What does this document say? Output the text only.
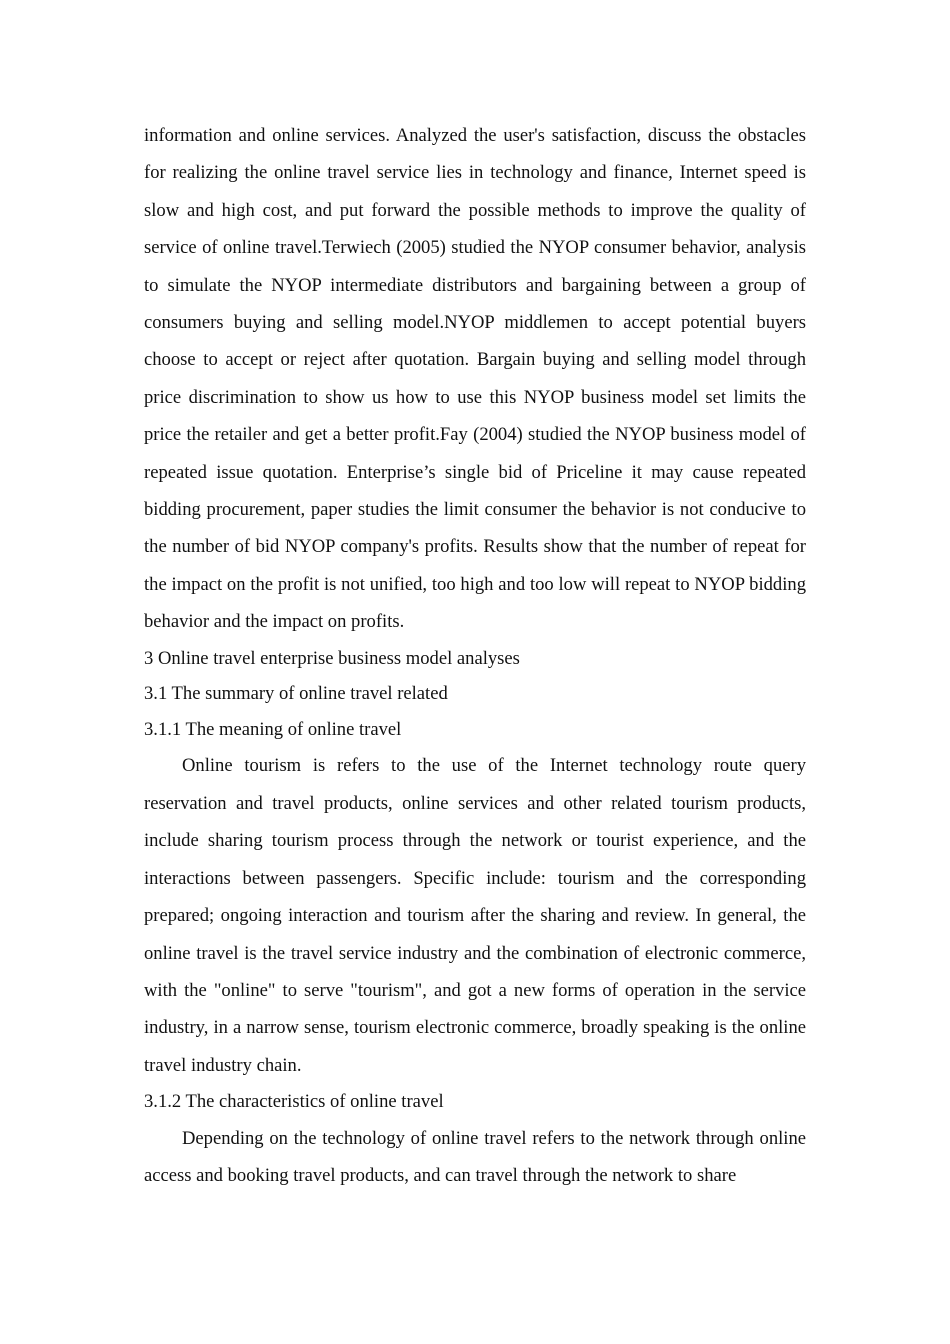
information and online services. Analyzed the user's satisfaction, discuss the obstacles for realizing the online travel service lies in technology and finance, Internet speed is slow and high cost, and put forward the possible methods to improve the quality of service of online travel.Terwiech (2005) studied the NYOP consumer behavior, analysis to simulate the NYOP intermediate distributors and bargaining between a group of consumers buying and selling model.NYOP middlemen to accept potential buyers choose to accept or reject after quotation. Bargain buying and selling model through price discrimination to show us how to use this NYOP business model set limits the price the retailer and get a better profit.Fay (2004) studied the NYOP business model of repeated issue quotation. Enterprise’s single bid of Priceline it may cause repeated bidding procurement, paper studies the limit consumer the behavior is not conducive to the number of bid NYOP company's profits. Results show that the number of repeat for the impact on the profit is not unified, too high and too low will repeat to NYOP bidding behavior and the impact on profits.

3 Online travel enterprise business model analyses
3.1 The summary of online travel related
3.1.1 The meaning of online travel

Online tourism is refers to the use of the Internet technology route query reservation and travel products, online services and other related tourism products, include sharing tourism process through the network or tourist experience, and the interactions between passengers. Specific include: tourism and the corresponding prepared; ongoing interaction and tourism after the sharing and review. In general, the online travel is the travel service industry and the combination of electronic commerce, with the "online" to serve "tourism", and got a new forms of operation in the service industry, in a narrow sense, tourism electronic commerce, broadly speaking is the online travel industry chain.

3.1.2 The characteristics of online travel

Depending on the technology of online travel refers to the network through online access and booking travel products, and can travel through the network to share
